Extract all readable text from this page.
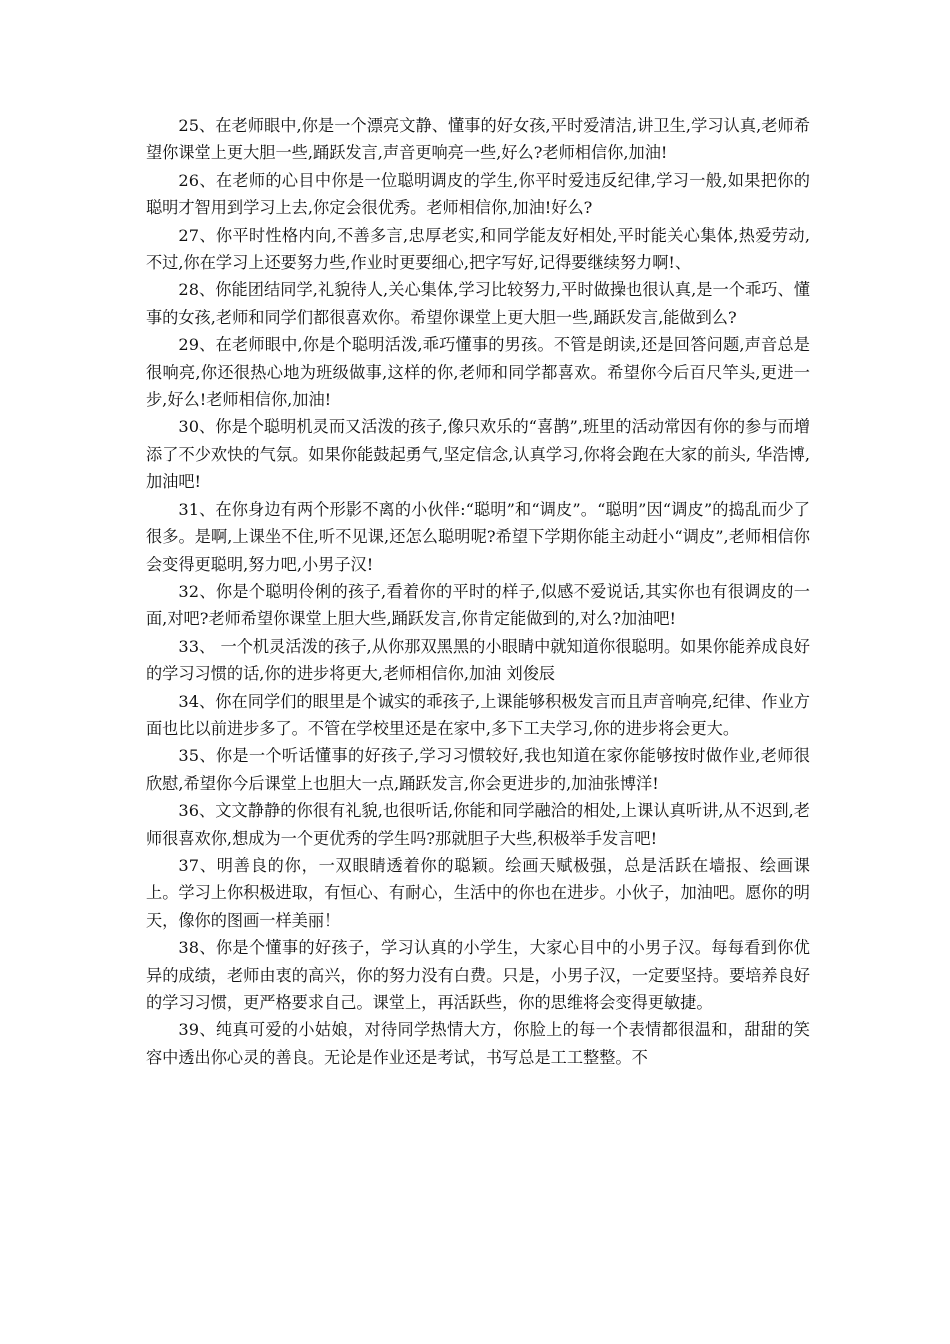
25、在老师眼中,你是一个漂亮文静、懂事的好女孩,平时爱清洁,讲卫生,学习认真,老师希望你课堂上更大胆一些,踊跃发言,声音更响亮一些,好么?老师相信你,加油!

26、在老师的心目中你是一位聪明调皮的学生,你平时爱违反纪律,学习一般,如果把你的聪明才智用到学习上去,你定会很优秀。老师相信你,加油!好么?

27、你平时性格内向,不善多言,忠厚老实,和同学能友好相处,平时能关心集体,热爱劳动,不过,你在学习上还要努力些,作业时更要细心,把字写好,记得要继续努力啊!、

28、你能团结同学,礼貌待人,关心集体,学习比较努力,平时做操也很认真,是一个乖巧、懂事的女孩,老师和同学们都很喜欢你。希望你课堂上更大胆一些,踊跃发言,能做到么?

29、在老师眼中,你是个聪明活泼,乖巧懂事的男孩。不管是朗读,还是回答问题,声音总是很响亮,你还很热心地为班级做事,这样的你,老师和同学都喜欢。希望你今后百尺竿头,更进一步,好么!老师相信你,加油!

30、你是个聪明机灵而又活泼的孩子,像只欢乐的“喜鹊”,班里的活动常因有你的参与而增添了不少欢快的气氛。如果你能鼓起勇气,坚定信念,认真学习,你将会跑在大家的前头, 华浩博,加油吧!

31、在你身边有两个形影不离的小伙伴:“聪明”和“调皮”。“聪明”因“调皮”的捣乱而少了很多。是啊,上课坐不住,听不见课,还怎么聪明呢?希望下学期你能主动赶小“调皮”,老师相信你会变得更聪明,努力吧,小男子汉!

32、你是个聪明伶俐的孩子,看着你的平时的样子,似感不爱说话,其实你也有很调皮的一面,对吧?老师希望你课堂上胆大些,踊跃发言,你肯定能做到的,对么?加油吧!

33、 一个机灵活泼的孩子,从你那双黑黑的小眼睛中就知道你很聪明。如果你能养成良好的学习习惯的话,你的进步将更大,老师相信你,加油 刘俊辰

34、你在同学们的眼里是个诚实的乖孩子,上课能够积极发言而且声音响亮,纪律、作业方面也比以前进步多了。不管在学校里还是在家中,多下工夫学习,你的进步将会更大。

35、你是一个听话懂事的好孩子,学习习惯较好,我也知道在家你能够按时做作业,老师很欣慰,希望你今后课堂上也胆大一点,踊跃发言,你会更进步的,加油张博洋!

36、文文静静的你很有礼貌,也很听话,你能和同学融洽的相处,上课认真听讲,从不迟到,老师很喜欢你,想成为一个更优秀的学生吗?那就胆子大些,积极举手发言吧!

37、明善良的你，一双眼睛透着你的聪颖。绘画天赋极强，总是活跃在墙报、绘画课上。学习上你积极进取，有恒心、有耐心，生活中的你也在进步。小伙子，加油吧。愿你的明天，像你的图画一样美丽！

38、你是个懂事的好孩子，学习认真的小学生，大家心目中的小男子汉。每每看到你优异的成绩，老师由衷的高兴，你的努力没有白费。只是，小男子汉，一定要坚持。要培养良好的学习习惯，更严格要求自己。课堂上，再活跃些，你的思维将会变得更敏捷。

39、纯真可爱的小姑娘，对待同学热情大方，你脸上的每一个表情都很温和，甜甜的笑容中透出你心灵的善良。无论是作业还是考试，书写总是工工整整。不
